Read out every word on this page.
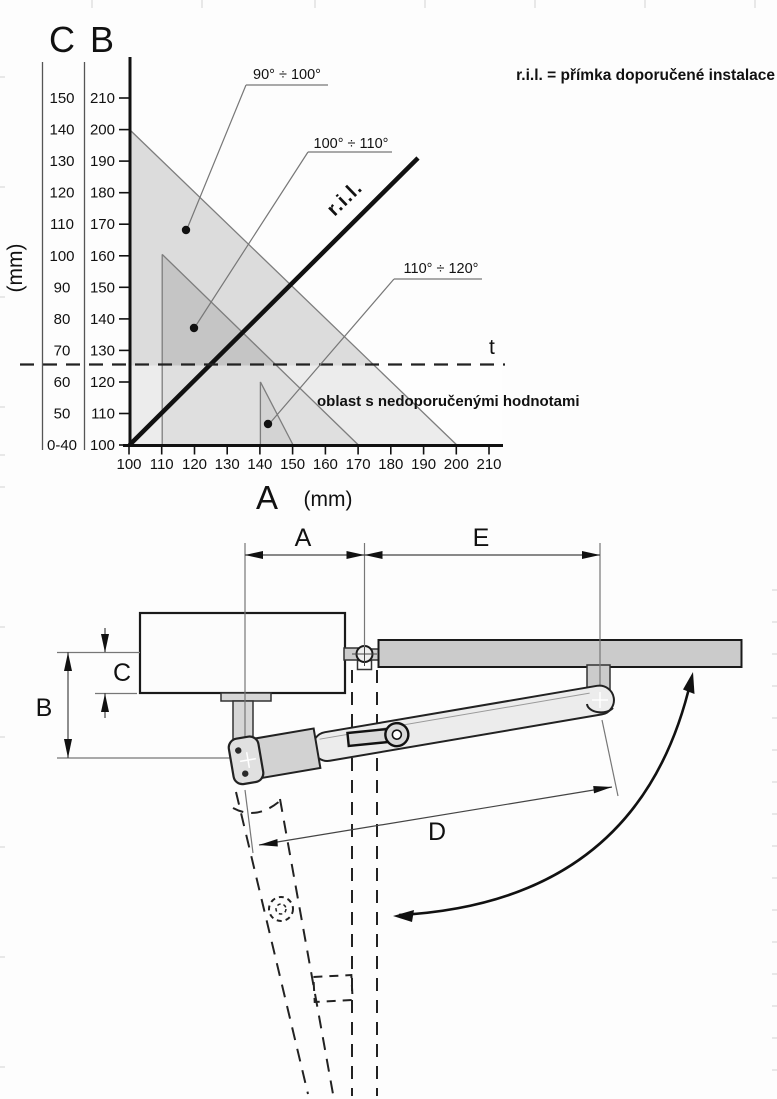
r.i.l.
t
150
140
130
120
110
100
90
80
70
60
50
0-40
210
200
190
180
170
160
150
140
130
120
110
100
100 110 120 130 140 150 160 170 180 190 200 210
C B
(mm)
A (mm)
90° ÷ 100°
100° ÷ 110°
110° ÷ 120°
r.i.l. = přímka doporučené instalace
oblast s nedoporučenými hodnotami
A	E
C
B
D
